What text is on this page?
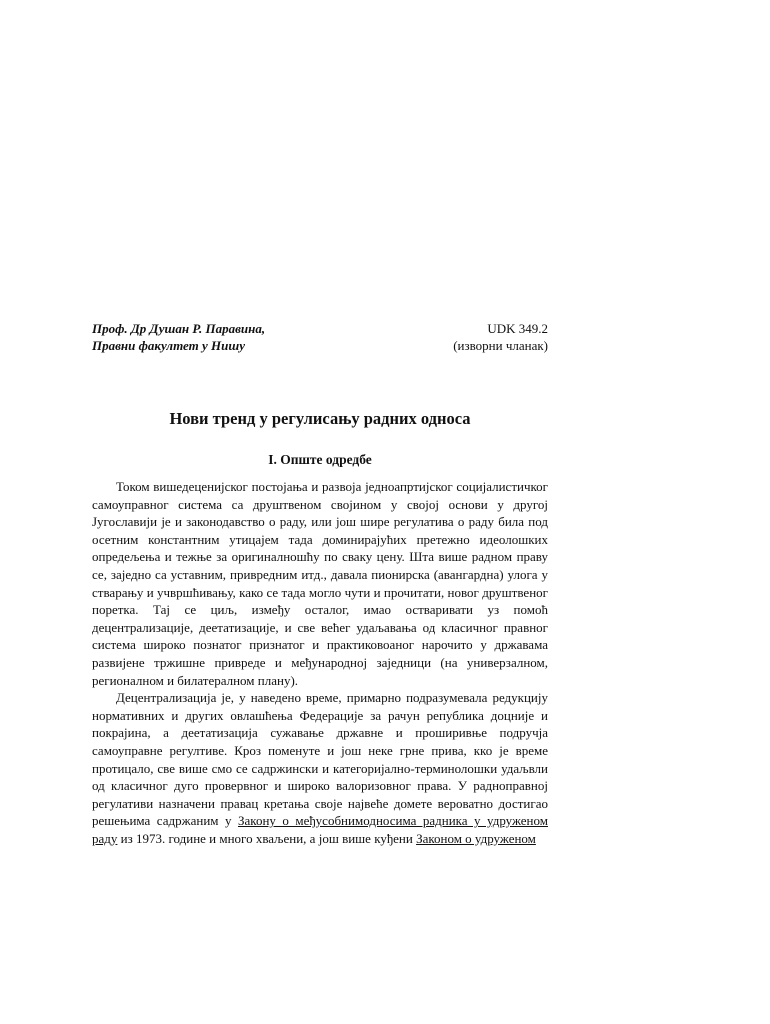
Проф. Др Душан Р. Паравина,
Правни факултет у Нишу
UDK 349.2
(изворни чланак)
Нови тренд у регулисању радних односа
I. Опште одредбе

Током вишедеценијског постојања и развоја једноапртијског социјалистичког самоуправног система са друштвеном својином у својој основи у другој Југославији је и законодавство о раду, или још шире регулатива о раду била под осетним константним утицајем тада доминирајућих претежно идеолошких опредељења и тежње за оригиналношћу по сваку цену. Шта више радном праву се, заједно са уставним, привредним итд., давала пионирска (авангардна) улога у стварању и учвршћивању, како се тада могло чути и прочитати, новог друштвеног поретка. Тај се циљ, између осталог, имао остваривати уз помоћ децентрализације, деетатизације, и све већег удаљавања од класичног правног система широко познатог признатог и практиковоаног нарочито у државама развијене тржишне привреде и међународној заједници (на универзалном, регионалном и билатералном плану).

Децентрализација је, у наведено време, примарно подразумевала редукцију нормативних и других овлашћења Федерације за рачун република доцније и покрајина, а деетатизација сужавање државне и проширивње подручја самоуправне регултиве. Кроз поменуте и још неке грне прива, кко је време протицало, све више смо се садржински и категоријално-терминолошки удаљвли од класичног дуго провервног и широко валоризовног права. У радноправној регулативи назначени правац кретања своје највеће домете вероватно достигао решењима садржаним у Закону о међусобнимодносима радника у удруженом раду из 1973. године и много хваљени, а још више куђени Законом о удруженом
